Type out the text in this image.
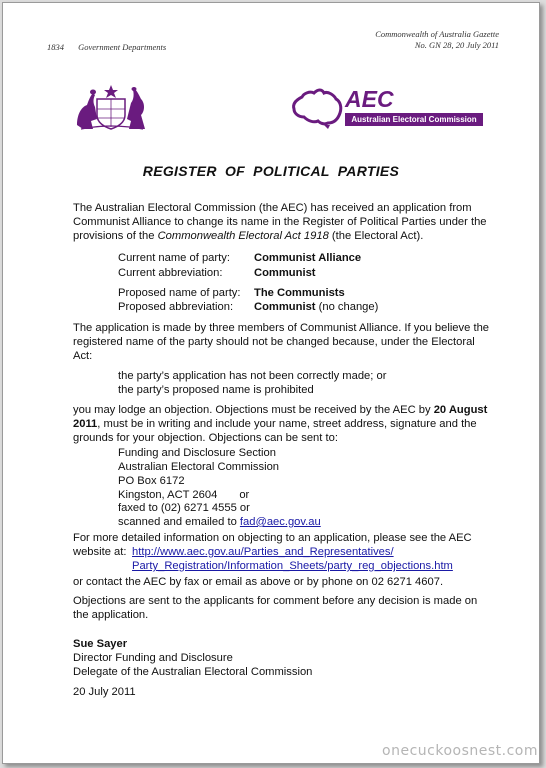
1834 Government Departments
Commonwealth of Australia Gazette
No. GN 28, 20 July 2011
AEC
Australian Electoral Commission
REGISTER OF POLITICAL PARTIES
The Australian Electoral Commission (the AEC) has received an application from Communist Alliance to change its name in the Register of Political Parties under the provisions of the Commonwealth Electoral Act 1918 (the Electoral Act).
Current name of party: Communist Alliance
Current abbreviation:	Communist
Proposed name of party: The Communists
Proposed abbreviation: Communist (no change)
The application is made by three members of Communist Alliance. If you believe the registered name of the party should not be changed because, under the Electoral Act:
the party’s application has not been correctly made; or
the party’s proposed name is prohibited
you may lodge an objection. Objections must be received by the AEC by 20 August 2011, must be in writing and include your name, street address, signature and the grounds for your objection. Objections can be sent to:
Funding and Disclosure Section
Australian Electoral Commission
PO Box 6172
Kingston, ACT 2604 or
faxed to (02) 6271 4555 or
scanned and emailed to fad@aec.gov.au
For more detailed information on objecting to an application, please see the AEC website at: http://www.aec.gov.au/Parties_and_Representatives/
Party_Registration/Information_Sheets/party_reg_objections.htm
or contact the AEC by fax or email as above or by phone on 02 6271 4607.
Objections are sent to the applicants for comment before any decision is made on the application.
Sue Sayer
Director Funding and Disclosure
Delegate of the Australian Electoral Commission
20 July 2011
onecuckoosnest.com
